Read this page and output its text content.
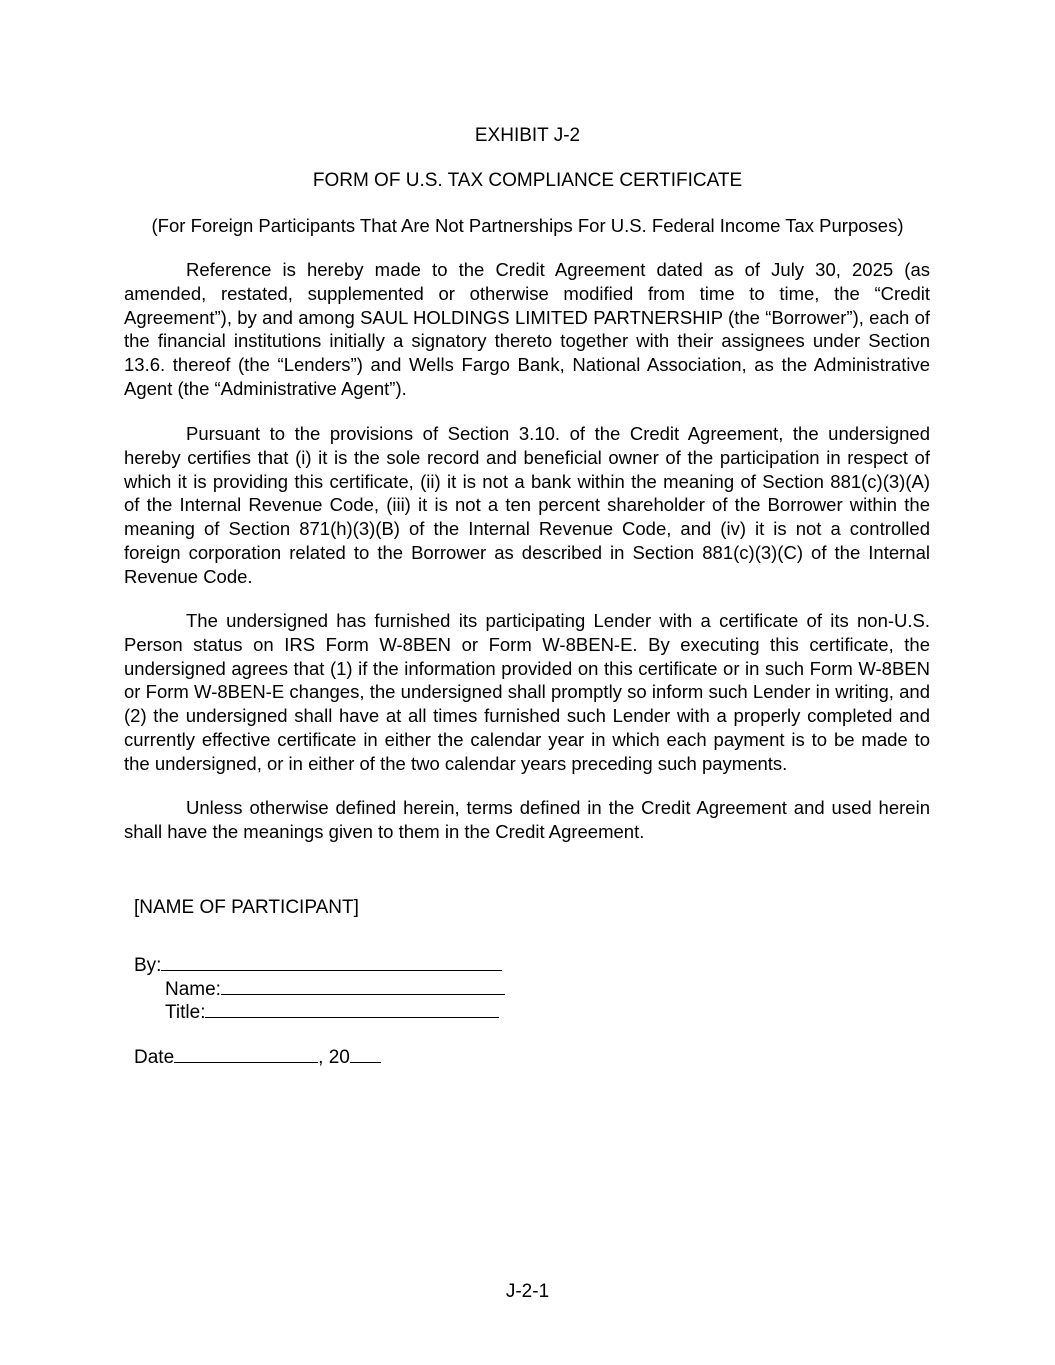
EXHIBIT J-2
FORM OF U.S. TAX COMPLIANCE CERTIFICATE
(For Foreign Participants That Are Not Partnerships For U.S. Federal Income Tax Purposes)

Reference is hereby made to the Credit Agreement dated as of July 30, 2025 (as amended, restated, supplemented or otherwise modified from time to time, the “Credit Agreement”), by and among SAUL HOLDINGS LIMITED PARTNERSHIP (the “Borrower”), each of the financial institutions initially a signatory thereto together with their assignees under Section 13.6. thereof (the “Lenders”) and Wells Fargo Bank, National Association, as the Administrative Agent (the “Administrative Agent”).

Pursuant to the provisions of Section 3.10. of the Credit Agreement, the undersigned hereby certifies that (i) it is the sole record and beneficial owner of the participation in respect of which it is providing this certificate, (ii) it is not a bank within the meaning of Section 881(c)(3)(A) of the Internal Revenue Code, (iii) it is not a ten percent shareholder of the Borrower within the meaning of Section 871(h)(3)(B) of the Internal Revenue Code, and (iv) it is not a controlled foreign corporation related to the Borrower as described in Section 881(c)(3)(C) of the Internal Revenue Code.

The undersigned has furnished its participating Lender with a certificate of its non-U.S. Person status on IRS Form W-8BEN or Form W-8BEN-E. By executing this certificate, the undersigned agrees that (1) if the information provided on this certificate or in such Form W-8BEN or Form W-8BEN-E changes, the undersigned shall promptly so inform such Lender in writing, and (2) the undersigned shall have at all times furnished such Lender with a properly completed and currently effective certificate in either the calendar year in which each payment is to be made to the undersigned, or in either of the two calendar years preceding such payments.

Unless otherwise defined herein, terms defined in the Credit Agreement and used herein shall have the meanings given to them in the Credit Agreement.

[NAME OF PARTICIPANT]
By:
Name:
Title:
Date	, 20
J-2-1
